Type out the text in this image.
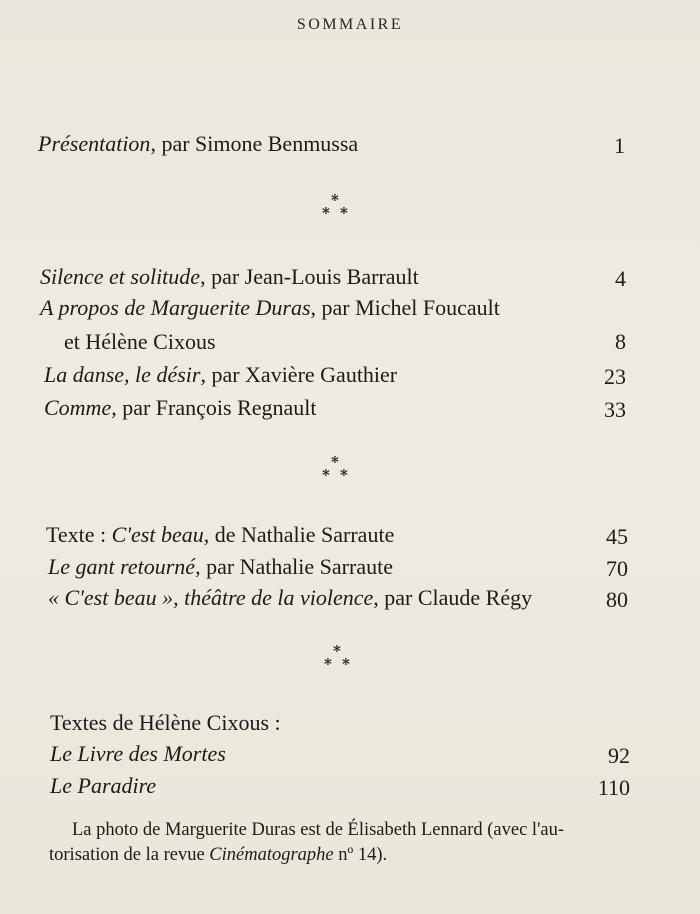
SOMMAIRE
Présentation, par Simone Benmussa	1
*
* *
Silence et solitude, par Jean-Louis Barrault	4
A propos de Marguerite Duras, par Michel Foucault
et Hélène Cixous	8
La danse, le désir, par Xavière Gauthier	23
Comme, par François Regnault	33
*
* *
Texte : C'est beau, de Nathalie Sarraute	45
Le gant retourné, par Nathalie Sarraute	70
« C'est beau », théâtre de la violence, par Claude Régy	80
*
* *
Textes de Hélène Cixous :
Le Livre des Mortes	92
Le Paradire	110
La photo de Marguerite Duras est de Élisabeth Lennard (avec l'au-
torisation de la revue Cinématographe nº 14).
